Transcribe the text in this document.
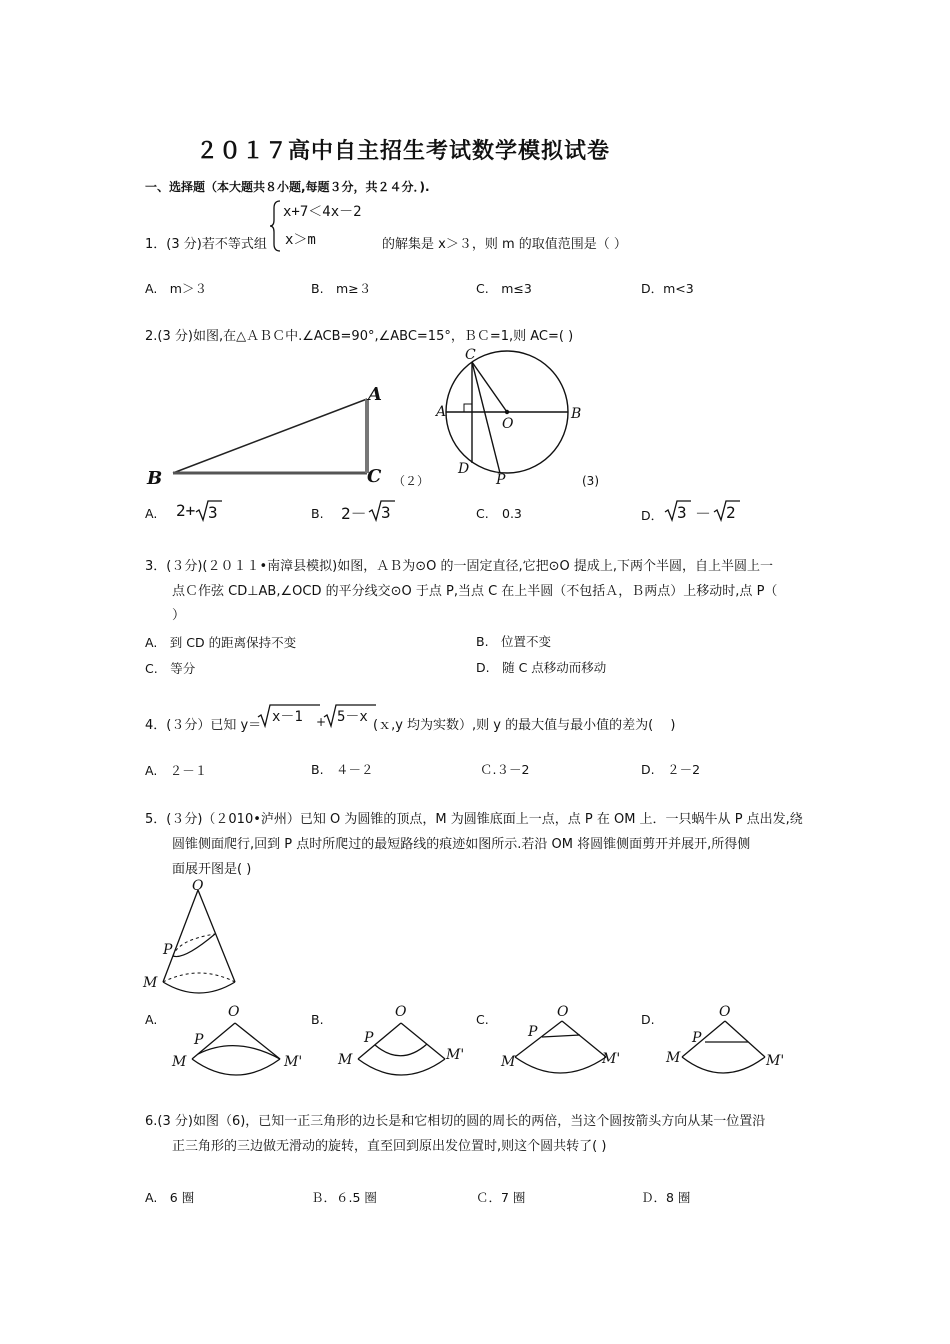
２０１７高中自主招生考试数学模拟试卷
一、选择题（本大题共８小题,每题３分，共２４分．).
1．(3 分)若不等式组
x+7＜4x－2
x＞m	的解集是 x＞３，则 m 的取值范围是（ ）
A.　m＞３	B.　m≥３	C.　m≤3	D．m<3
2.(3 分)如图,在△ＡＢＣ中.∠ACB=90°,∠ABC=15°，ＢＣ=1,则 AC=( )
B
A
C （２）
C
A	B
O
D
P	(3)
A. 2+ 3	B. 2－ 3	C. 0.3	D． 3 － 2
3．(３分)(２０１１•南漳县模拟)如图，ＡＢ为⊙O 的一固定直径,它把⊙O 提成上,下两个半圆，自上半圆上一
点Ｃ作弦 CD⊥AB,∠OCD 的平分线交⊙O 于点 P,当点 C 在上半圆（不包括Ａ，Ｂ两点）上移动时,点 P（
）
A.　到 CD 的距离保持不变	B.　位置不变
C.　等分	D.　随 C 点移动而移动
4．(３分）已知 y＝
x－1 + 5－x
(ｘ,y 均为实数）,则 y 的最大值与最小值的差为(　 )
A.　２－１	B.　４－２	Ｃ.３－2	D.　２－2
5．(３分)（２010•泸州）已知 O 为圆锥的顶点，M 为圆锥底面上一点，点 P 在 OM 上．一只蜗牛从 P 点出发,绕
圆锥侧面爬行,回到 P 点时所爬过的最短路线的痕迹如图所示.若沿 OM 将圆锥侧面剪开并展开,所得侧
面展开图是( )
O
P
M
A.	O
P
M	M'
B.	O
P
M	M'
C.	O
P
M	M'
D.	O
P
M	M'
6.(3 分)如图（6)，已知一正三角形的边长是和它相切的圆的周长的两倍，当这个圆按箭头方向从某一位置沿
正三角形的三边做无滑动的旋转，直至回到原出发位置时,则这个圆共转了( )
A.　6 圈	Ｂ．６.5 圈	Ｃ．7 圈	Ｄ．8 圈
